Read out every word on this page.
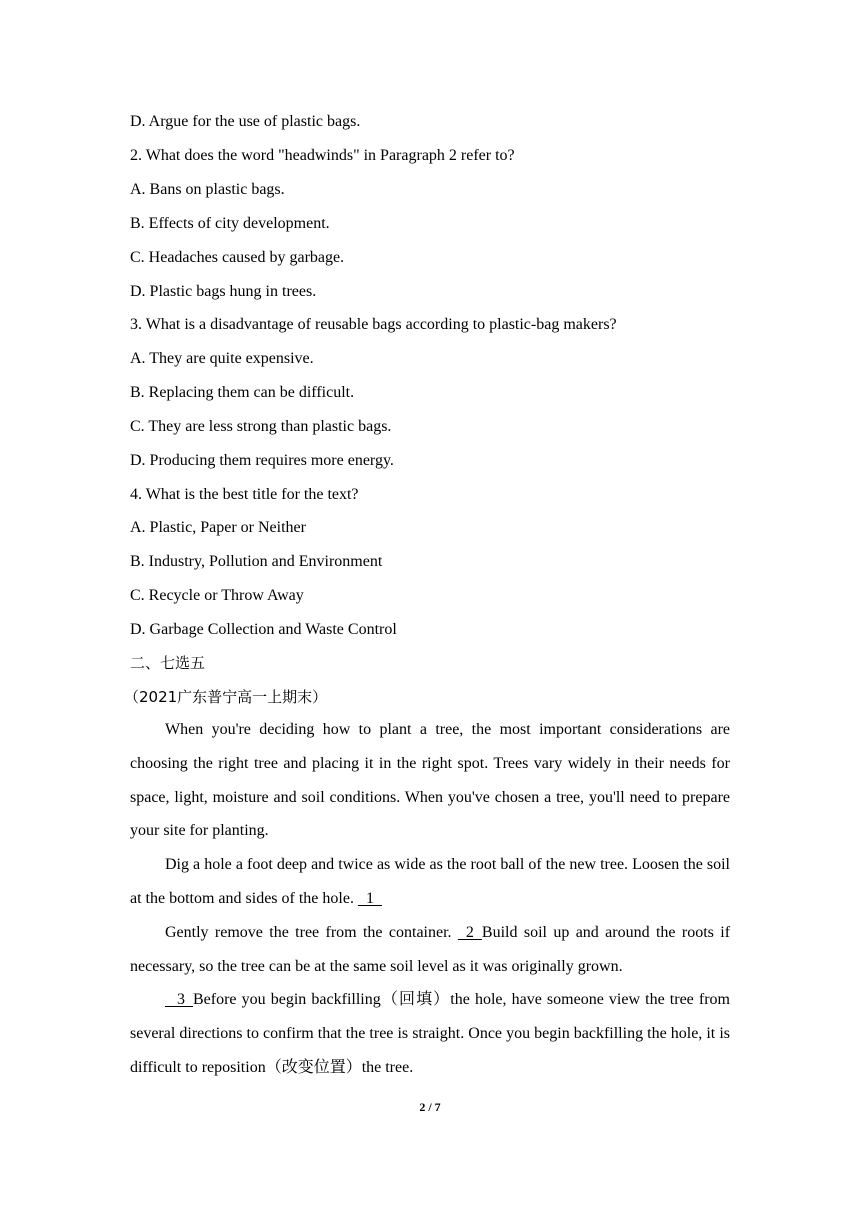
D. Argue for the use of plastic bags.
2. What does the word "headwinds" in Paragraph 2 refer to?
A. Bans on plastic bags.
B. Effects of city development.
C. Headaches caused by garbage.
D. Plastic bags hung in trees.
3. What is a disadvantage of reusable bags according to plastic-bag makers?
A. They are quite expensive.
B. Replacing them can be difficult.
C. They are less strong than plastic bags.
D. Producing them requires more energy.
4. What is the best title for the text?
A. Plastic, Paper or Neither
B. Industry, Pollution and Environment
C. Recycle or Throw Away
D. Garbage Collection and Waste Control
二、七选五
（2021广东普宁高一上期末）

When you're deciding how to plant a tree, the most important considerations are choosing the right tree and placing it in the right spot. Trees vary widely in their needs for space, light, moisture and soil conditions. When you've chosen a tree, you'll need to prepare your site for planting.

Dig a hole a foot deep and twice as wide as the root ball of the new tree. Loosen the soil at the bottom and sides of the hole.   1

Gently remove the tree from the container.   2  Build soil up and around the roots if necessary, so the tree can be at the same soil level as it was originally grown.

3  Before you begin backfilling（回填）the hole, have someone view the tree from several directions to confirm that the tree is straight. Once you begin backfilling the hole, it is difficult to reposition（改变位置）the tree.

2 / 7
